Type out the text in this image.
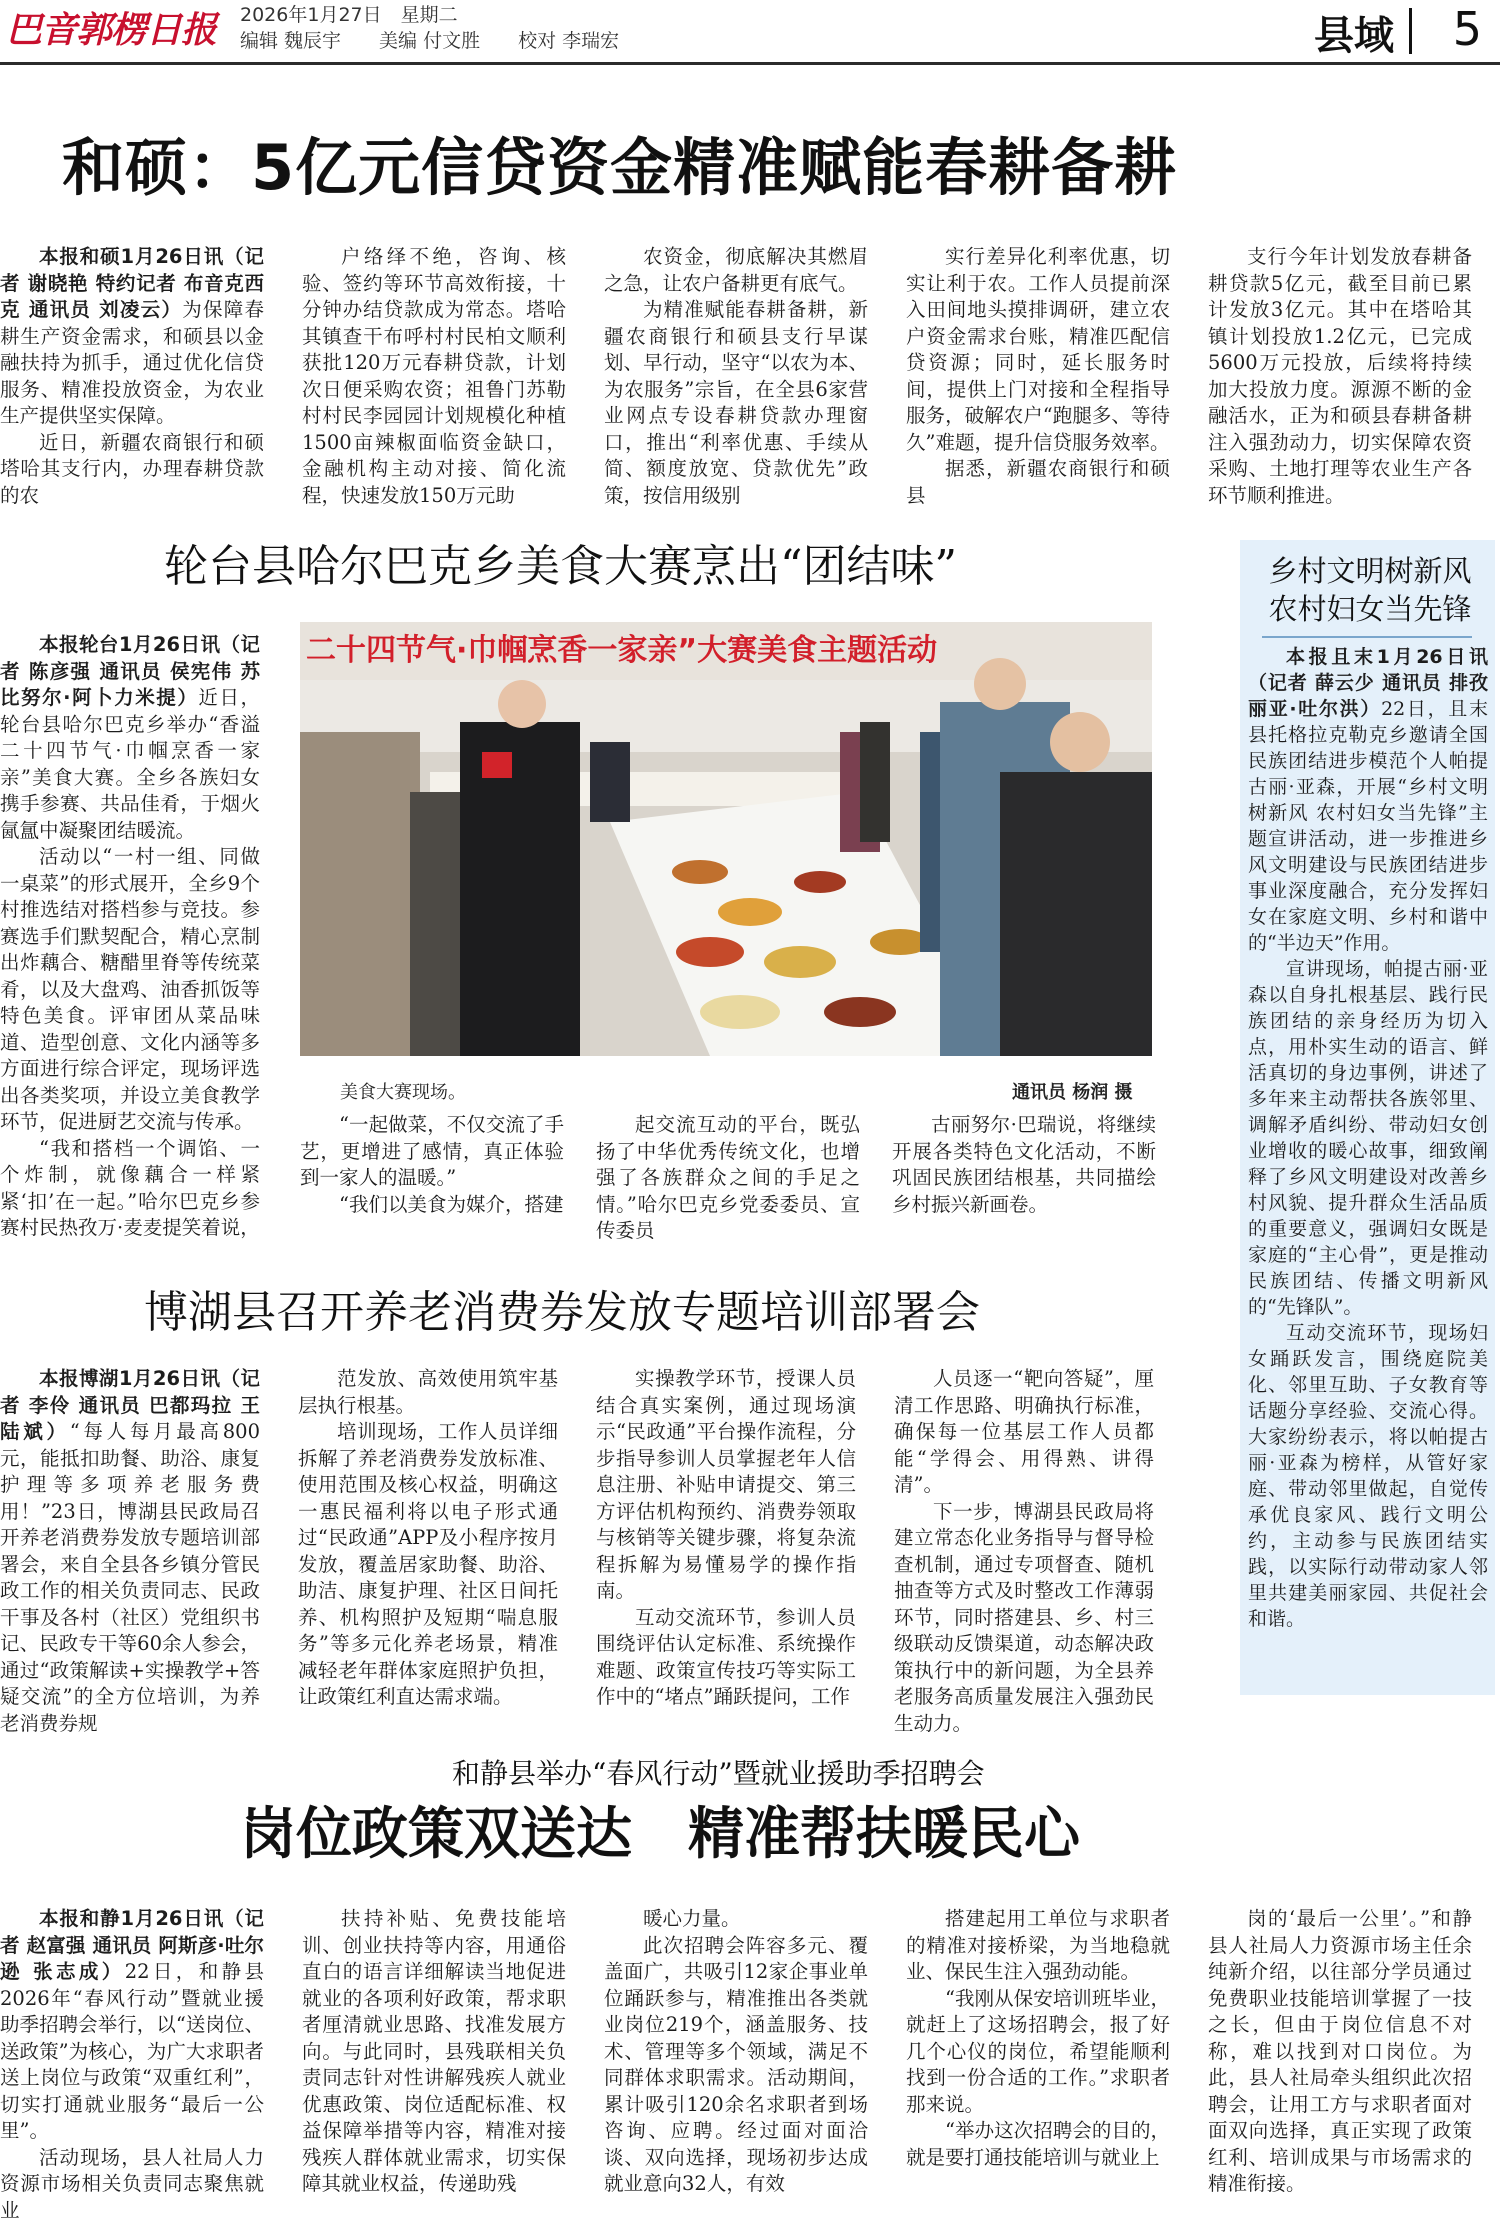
巴音郭楞日报 2026年1月27日　星期二
编辑 魏辰宇　　美编 付文胜　　校对 李瑞宏	县域 5
和硕：5亿元信贷资金精准赋能春耕备耕

本报和硕1月26日讯（记者 谢晓艳 特约记者 布音克西克 通讯员 刘凌云）为保障春耕生产资金需求，和硕县以金融扶持为抓手，通过优化信贷服务、精准投放资金，为农业生产提供坚实保障。

近日，新疆农商银行和硕塔哈其支行内，办理春耕贷款的农

户络绎不绝，咨询、核验、签约等环节高效衔接，十分钟办结贷款成为常态。塔哈其镇查干布呼村村民柏文顺利获批120万元春耕贷款，计划次日便采购农资；祖鲁门苏勒村村民李园园计划规模化种植1500亩辣椒面临资金缺口，金融机构主动对接、简化流程，快速发放150万元助

农资金，彻底解决其燃眉之急，让农户备耕更有底气。

为精准赋能春耕备耕，新疆农商银行和硕县支行早谋划、早行动，坚守“以农为本、为农服务”宗旨，在全县6家营业网点专设春耕贷款办理窗口，推出“利率优惠、手续从简、额度放宽、贷款优先”政策，按信用级别

实行差异化利率优惠，切实让利于农。工作人员提前深入田间地头摸排调研，建立农户资金需求台账，精准匹配信贷资源；同时，延长服务时间，提供上门对接和全程指导服务，破解农户“跑腿多、等待久”难题，提升信贷服务效率。

据悉，新疆农商银行和硕县

支行今年计划发放春耕备耕贷款5亿元，截至目前已累计发放3亿元。其中在塔哈其镇计划投放1.2亿元，已完成5600万元投放，后续将持续加大投放力度。源源不断的金融活水，正为和硕县春耕备耕注入强劲动力，切实保障农资采购、土地打理等农业生产各环节顺利推进。

轮台县哈尔巴克乡美食大赛烹出“团结味”

本报轮台1月26日讯（记者 陈彦强 通讯员 侯宪伟 苏比努尔·阿卜力米提）近日，轮台县哈尔巴克乡举办“香溢二十四节气·巾帼烹香一家亲”美食大赛。全乡各族妇女携手参赛、共品佳肴，于烟火氤氲中凝聚团结暖流。

活动以“一村一组、同做一桌菜”的形式展开，全乡9个村推选结对搭档参与竞技。参赛选手们默契配合，精心烹制出炸藕合、糖醋里脊等传统菜肴，以及大盘鸡、油香抓饭等特色美食。评审团从菜品味道、造型创意、文化内涵等多方面进行综合评定，现场评选出各类奖项，并设立美食教学环节，促进厨艺交流与传承。

“我和搭档一个调馅、一个炸制，就像藕合一样紧紧‘扣’在一起。”哈尔巴克乡参赛村民热孜万·麦麦提笑着说，

二十四节气·巾帼烹香一家亲”大赛美食主题活动
美食大赛现场。	通讯员 杨润 摄

“一起做菜，不仅交流了手艺，更增进了感情，真正体验到一家人的温暖。”

“我们以美食为媒介，搭建

起交流互动的平台，既弘扬了中华优秀传统文化，也增强了各族群众之间的手足之情。”哈尔巴克乡党委委员、宣传委员

古丽努尔·巴瑞说，将继续开展各类特色文化活动，不断巩固民族团结根基，共同描绘乡村振兴新画卷。

乡村文明树新风
农村妇女当先锋

本报且末1月26日讯（记者 薛云少 通讯员 排孜丽亚·吐尔洪）22日，且末县托格拉克勒克乡邀请全国民族团结进步模范个人帕提古丽·亚森，开展“乡村文明树新风 农村妇女当先锋”主题宣讲活动，进一步推进乡风文明建设与民族团结进步事业深度融合，充分发挥妇女在家庭文明、乡村和谐中的“半边天”作用。

宣讲现场，帕提古丽·亚森以自身扎根基层、践行民族团结的亲身经历为切入点，用朴实生动的语言、鲜活真切的身边事例，讲述了多年来主动帮扶各族邻里、调解矛盾纠纷、带动妇女创业增收的暖心故事，细致阐释了乡风文明建设对改善乡村风貌、提升群众生活品质的重要意义，强调妇女既是家庭的“主心骨”，更是推动民族团结、传播文明新风的“先锋队”。

互动交流环节，现场妇女踊跃发言，围绕庭院美化、邻里互助、子女教育等话题分享经验、交流心得。大家纷纷表示，将以帕提古丽·亚森为榜样，从管好家庭、带动邻里做起，自觉传承优良家风、践行文明公约，主动参与民族团结实践，以实际行动带动家人邻里共建美丽家园、共促社会和谐。

博湖县召开养老消费券发放专题培训部署会

本报博湖1月26日讯（记者 李伶 通讯员 巴都玛拉 王陆斌）“每人每月最高800元，能抵扣助餐、助浴、康复护理等多项养老服务费用！”23日，博湖县民政局召开养老消费券发放专题培训部署会，来自全县各乡镇分管民政工作的相关负责同志、民政干事及各村（社区）党组织书记、民政专干等60余人参会，通过“政策解读+实操教学+答疑交流”的全方位培训，为养老消费券规

范发放、高效使用筑牢基层执行根基。

培训现场，工作人员详细拆解了养老消费券发放标准、使用范围及核心权益，明确这一惠民福利将以电子形式通过“民政通”APP及小程序按月发放，覆盖居家助餐、助浴、助洁、康复护理、社区日间托养、机构照护及短期“喘息服务”等多元化养老场景，精准减轻老年群体家庭照护负担，让政策红利直达需求端。

实操教学环节，授课人员结合真实案例，通过现场演示“民政通”平台操作流程，分步指导参训人员掌握老年人信息注册、补贴申请提交、第三方评估机构预约、消费券领取与核销等关键步骤，将复杂流程拆解为易懂易学的操作指南。

互动交流环节，参训人员围绕评估认定标准、系统操作难题、政策宣传技巧等实际工作中的“堵点”踊跃提问，工作

人员逐一“靶向答疑”，厘清工作思路、明确执行标准，确保每一位基层工作人员都能“学得会、用得熟、讲得清”。

下一步，博湖县民政局将建立常态化业务指导与督导检查机制，通过专项督查、随机抽查等方式及时整改工作薄弱环节，同时搭建县、乡、村三级联动反馈渠道，动态解决政策执行中的新问题，为全县养老服务高质量发展注入强劲民生动力。

和静县举办“春风行动”暨就业援助季招聘会
岗位政策双送达　精准帮扶暖民心

本报和静1月26日讯（记者 赵富强 通讯员 阿斯彦·吐尔逊 张志成）22日，和静县2026年“春风行动”暨就业援助季招聘会举行，以“送岗位、送政策”为核心，为广大求职者送上岗位与政策“双重红利”，切实打通就业服务“最后一公里”。

活动现场，县人社局人力资源市场相关负责同志聚焦就业

扶持补贴、免费技能培训、创业扶持等内容，用通俗直白的语言详细解读当地促进就业的各项利好政策，帮求职者厘清就业思路、找准发展方向。与此同时，县残联相关负责同志针对性讲解残疾人就业优惠政策、岗位适配标准、权益保障举措等内容，精准对接残疾人群体就业需求，切实保障其就业权益，传递助残

暖心力量。

此次招聘会阵容多元、覆盖面广，共吸引12家企事业单位踊跃参与，精准推出各类就业岗位219个，涵盖服务、技术、管理等多个领域，满足不同群体求职需求。活动期间，累计吸引120余名求职者到场咨询、应聘。经过面对面洽谈、双向选择，现场初步达成就业意向32人，有效

搭建起用工单位与求职者的精准对接桥梁，为当地稳就业、保民生注入强劲动能。

“我刚从保安培训班毕业，就赶上了这场招聘会，报了好几个心仪的岗位，希望能顺利找到一份合适的工作。”求职者那来说。

“举办这次招聘会的目的，就是要打通技能培训与就业上

岗的‘最后一公里’。”和静县人社局人力资源市场主任余纯新介绍，以往部分学员通过免费职业技能培训掌握了一技之长，但由于岗位信息不对称，难以找到对口岗位。为此，县人社局牵头组织此次招聘会，让用工方与求职者面对面双向选择，真正实现了政策红利、培训成果与市场需求的精准衔接。
